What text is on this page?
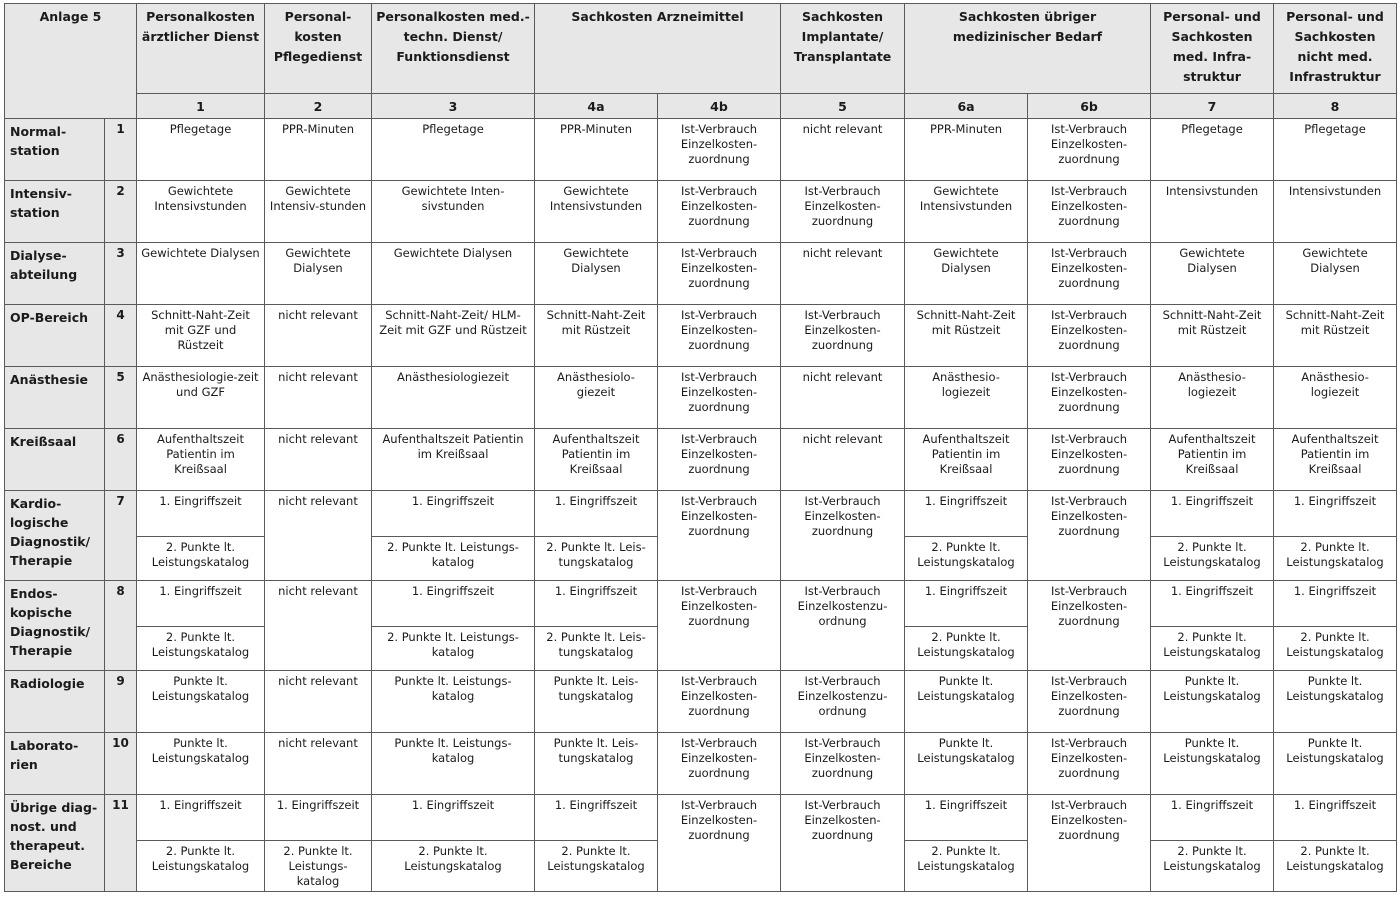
Anlage 5		Personalkosten ärztlicher Dienst	Personal-kosten Pflegedienst	Personalkosten med.-techn. Dienst/ Funktionsdienst	Sachkosten Arzneimittel		Sachkosten Implantate/ Transplantate	Sachkosten übriger medizinischer Bedarf		Personal- und Sachkosten med. Infra-struktur	Personal- und Sachkosten nicht med. Infrastruktur
		1	2	3	4a	4b	5	6a	6b	7	8
Normal-station	1	Pflegetage	PPR-Minuten	Pflegetage	PPR-Minuten	Ist-Verbrauch Einzelkosten-zuordnung	nicht relevant	PPR-Minuten	Ist-Verbrauch Einzelkosten-zuordnung	Pflegetage	Pflegetage
Intensiv-station	2	Gewichtete Intensivstunden	Gewichtete Intensiv-stunden	Gewichtete Inten-sivstunden	Gewichtete Intensivstunden	Ist-Verbrauch Einzelkosten-zuordnung	Ist-Verbrauch Einzelkosten-zuordnung	Gewichtete Intensivstunden	Ist-Verbrauch Einzelkosten-zuordnung	Intensivstunden	Intensivstunden
Dialyse-abteilung	3	Gewichtete Dialysen	Gewichtete Dialysen	Gewichtete Dialysen	Gewichtete Dialysen	Ist-Verbrauch Einzelkosten-zuordnung	nicht relevant	Gewichtete Dialysen	Ist-Verbrauch Einzelkosten-zuordnung	Gewichtete Dialysen	Gewichtete Dialysen
OP-Bereich	4	Schnitt-Naht-Zeit mit GZF und Rüstzeit	nicht relevant	Schnitt-Naht-Zeit/ HLM-Zeit mit GZF und Rüstzeit	Schnitt-Naht-Zeit mit Rüstzeit	Ist-Verbrauch Einzelkosten-zuordnung	Ist-Verbrauch Einzelkosten-zuordnung	Schnitt-Naht-Zeit mit Rüstzeit	Ist-Verbrauch Einzelkosten-zuordnung	Schnitt-Naht-Zeit mit Rüstzeit	Schnitt-Naht-Zeit mit Rüstzeit
Anästhesie	5	Anästhesiologie-zeit und GZF	nicht relevant	Anästhesiologiezeit	Anästhesiolo-giezeit	Ist-Verbrauch Einzelkosten-zuordnung	nicht relevant	Anästhesio-logiezeit	Ist-Verbrauch Einzelkosten-zuordnung	Anästhesio-logiezeit	Anästhesio-logiezeit
Kreißsaal	6	Aufenthaltszeit Patientin im Kreißsaal	nicht relevant	Aufenthaltszeit Patientin im Kreißsaal	Aufenthaltszeit Patientin im Kreißsaal	Ist-Verbrauch Einzelkosten-zuordnung	nicht relevant	Aufenthaltszeit Patientin im Kreißsaal	Ist-Verbrauch Einzelkosten-zuordnung	Aufenthaltszeit Patientin im Kreißsaal	Aufenthaltszeit Patientin im Kreißsaal
Kardio-logische Diagnostik/ Therapie	7	1. Eingriffszeit	nicht relevant	1. Eingriffszeit	1. Eingriffszeit	Ist-Verbrauch Einzelkosten-zuordnung	Ist-Verbrauch Einzelkosten-zuordnung	1. Eingriffszeit	Ist-Verbrauch Einzelkosten-zuordnung	1. Eingriffszeit	1. Eingriffszeit
		2. Punkte lt. Leistungskatalog		2. Punkte lt. Leistungs-katalog	2. Punkte lt. Leis-tungskatalog			2. Punkte lt. Leistungskatalog		2. Punkte lt. Leistungskatalog	2. Punkte lt. Leistungskatalog
Endos-kopische Diagnostik/ Therapie	8	1. Eingriffszeit	nicht relevant	1. Eingriffszeit	1. Eingriffszeit	Ist-Verbrauch Einzelkosten-zuordnung	Ist-Verbrauch Einzelkostenzu-ordnung	1. Eingriffszeit	Ist-Verbrauch Einzelkosten-zuordnung	1. Eingriffszeit	1. Eingriffszeit
		2. Punkte lt. Leistungskatalog		2. Punkte lt. Leistungs-katalog	2. Punkte lt. Leis-tungskatalog			2. Punkte lt. Leistungskatalog		2. Punkte lt. Leistungskatalog	2. Punkte lt. Leistungskatalog
Radiologie	9	Punkte lt. Leistungskatalog	nicht relevant	Punkte lt. Leistungs-katalog	Punkte lt. Leis-tungskatalog	Ist-Verbrauch Einzelkosten-zuordnung	Ist-Verbrauch Einzelkostenzu-ordnung	Punkte lt. Leistungskatalog	Ist-Verbrauch Einzelkosten-zuordnung	Punkte lt. Leistungskatalog	Punkte lt. Leistungskatalog
Laborato-rien	10	Punkte lt. Leistungskatalog	nicht relevant	Punkte lt. Leistungs-katalog	Punkte lt. Leis-tungskatalog	Ist-Verbrauch Einzelkosten-zuordnung	Ist-Verbrauch Einzelkosten-zuordnung	Punkte lt. Leistungskatalog	Ist-Verbrauch Einzelkosten-zuordnung	Punkte lt. Leistungskatalog	Punkte lt. Leistungskatalog
Übrige diag-nost. und therapeut. Bereiche	11	1. Eingriffszeit	1. Eingriffszeit	1. Eingriffszeit	1. Eingriffszeit	Ist-Verbrauch Einzelkosten-zuordnung	Ist-Verbrauch Einzelkosten-zuordnung	1. Eingriffszeit	Ist-Verbrauch Einzelkosten-zuordnung	1. Eingriffszeit	1. Eingriffszeit
		2. Punkte lt. Leistungskatalog	2. Punkte lt. Leistungs-katalog	2. Punkte lt. Leistungskatalog	2. Punkte lt. Leistungskatalog			2. Punkte lt. Leistungskatalog		2. Punkte lt. Leistungskatalog	2. Punkte lt. Leistungskatalog
